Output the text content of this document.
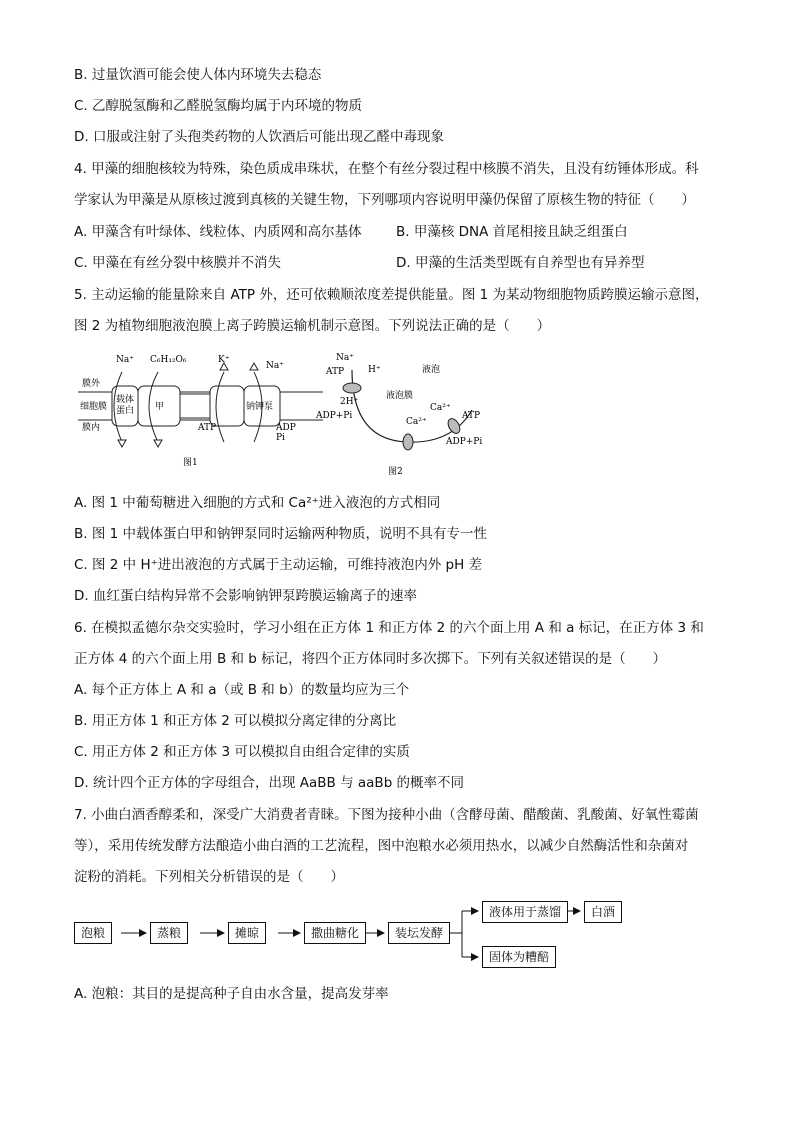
B. 过量饮酒可能会使人体内环境失去稳态
C. 乙醇脱氢酶和乙醛脱氢酶均属于内环境的物质
D. 口服或注射了头孢类药物的人饮酒后可能出现乙醛中毒现象
4. 甲藻的细胞核较为特殊，染色质成串珠状，在整个有丝分裂过程中核膜不消失，且没有纺锤体形成。科
学家认为甲藻是从原核过渡到真核的关键生物，下列哪项内容说明甲藻仍保留了原核生物的特征（　　）
A. 甲藻含有叶绿体、线粒体、内质网和高尔基体	B. 甲藻核 DNA 首尾相接且缺乏组蛋白
C. 甲藻在有丝分裂中核膜并不消失	D. 甲藻的生活类型既有自养型也有异养型
5. 主动运输的能量除来自 ATP 外，还可依赖顺浓度差提供能量。图 1 为某动物细胞物质跨膜运输示意图，
图 2 为植物细胞液泡膜上离子跨膜运输机制示意图。下列说法正确的是（　　）
膜外
细胞膜
膜内
载体
蛋白 甲	钠钾泵
Na⁺ C₆H₁₂O₆	K⁺
Na⁺
ATP	ADP
Pi
图1
Na⁺
H⁺	液泡
ATP
2H⁺
液泡膜
ADP+Pi
Ca²⁺
Ca²⁺
ATP
ADP+Pi
图2
A. 图 1 中葡萄糖进入细胞的方式和 Ca²⁺进入液泡的方式相同
B. 图 1 中载体蛋白甲和钠钾泵同时运输两种物质，说明不具有专一性
C. 图 2 中 H⁺进出液泡的方式属于主动运输，可维持液泡内外 pH 差
D. 血红蛋白结构异常不会影响钠钾泵跨膜运输离子的速率
6. 在模拟孟德尔杂交实验时，学习小组在正方体 1 和正方体 2 的六个面上用 A 和 a 标记，在正方体 3 和
正方体 4 的六个面上用 B 和 b 标记，将四个正方体同时多次掷下。下列有关叙述错误的是（　　）
A. 每个正方体上 A 和 a（或 B 和 b）的数量均应为三个
B. 用正方体 1 和正方体 2 可以模拟分离定律的分离比
C. 用正方体 2 和正方体 3 可以模拟自由组合定律的实质
D. 统计四个正方体的字母组合，出现 AaBB 与 aaBb 的概率不同
7. 小曲白酒香醇柔和，深受广大消费者青睐。下图为接种小曲（含酵母菌、醋酸菌、乳酸菌、好氧性霉菌
等），采用传统发酵方法酿造小曲白酒的工艺流程，图中泡粮水必须用热水，以减少自然酶活性和杂菌对
淀粉的消耗。下列相关分析错误的是（　　）
泡粮	蒸粮	摊晾	撒曲糖化	装坛发酵
液体用于蒸馏	白酒
固体为糟醅
A. 泡粮：其目的是提高种子自由水含量，提高发芽率
